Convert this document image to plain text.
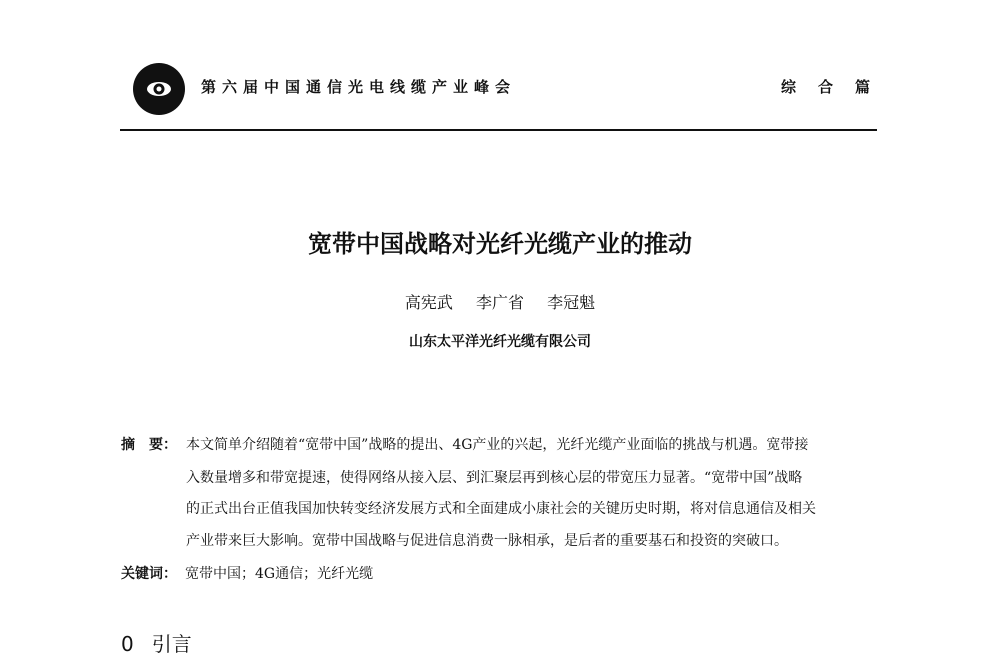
第六届中国通信光电线缆产业峰会	综合篇
宽带中国战略对光纤光缆产业的推动
高宪武 李广省 李冠魁
山东太平洋光纤光缆有限公司
摘　要： 本文简单介绍随着“宽带中国”战略的提出、4G产业的兴起，光纤光缆产业面临的挑战与机遇。宽带接
入数量增多和带宽提速，使得网络从接入层、到汇聚层再到核心层的带宽压力显著。“宽带中国”战略
的正式出台正值我国加快转变经济发展方式和全面建成小康社会的关键历史时期，将对信息通信及相关
产业带来巨大影响。宽带中国战略与促进信息消费一脉相承，是后者的重要基石和投资的突破口。
关键词： 宽带中国；4G通信；光纤光缆
0 引言
